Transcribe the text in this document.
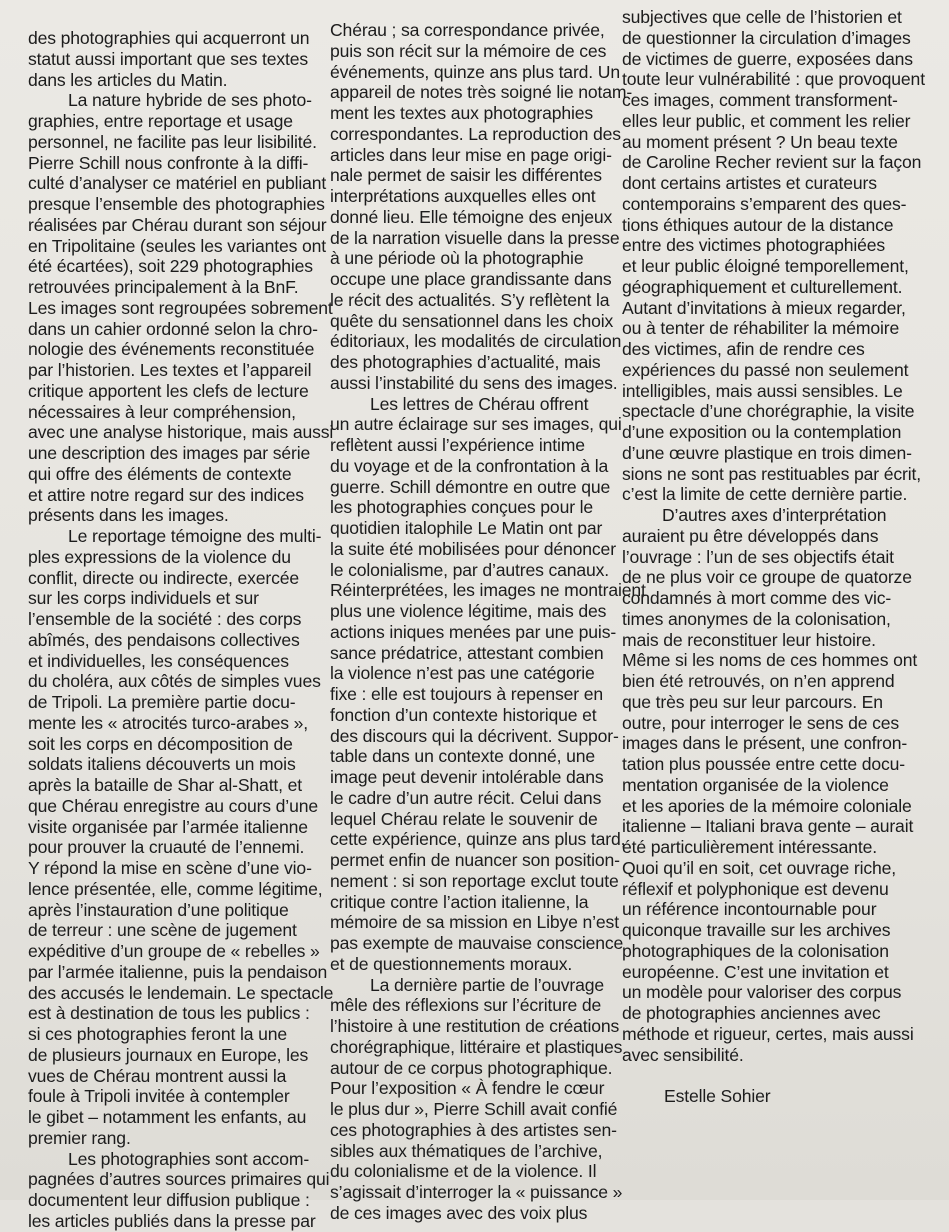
des photographies qui acquerront un
statut aussi important que ses textes
dans les articles du Matin.
La nature hybride de ses photo-
graphies, entre reportage et usage
personnel, ne facilite pas leur lisibilité.
Pierre Schill nous confronte à la diffi-
culté d’analyser ce matériel en publiant
presque l’ensemble des photographies
réalisées par Chérau durant son séjour
en Tripolitaine (seules les variantes ont
été écartées), soit 229 photographies
retrouvées principalement à la BnF.
Les images sont regroupées sobrement
dans un cahier ordonné selon la chro-
nologie des événements reconstituée
par l’historien. Les textes et l’appareil
critique apportent les clefs de lecture
nécessaires à leur compréhension,
avec une analyse historique, mais aussi
une description des images par série
qui offre des éléments de contexte
et attire notre regard sur des indices
présents dans les images.
Le reportage témoigne des multi-
ples expressions de la violence du
conflit, directe ou indirecte, exercée
sur les corps individuels et sur
l’ensemble de la société : des corps
abîmés, des pendaisons collectives
et individuelles, les conséquences
du choléra, aux côtés de simples vues
de Tripoli. La première partie docu-
mente les « atrocités turco-arabes »,
soit les corps en décomposition de
soldats italiens découverts un mois
après la bataille de Shar al-Shatt, et
que Chérau enregistre au cours d’une
visite organisée par l’armée italienne
pour prouver la cruauté de l’ennemi.
Y répond la mise en scène d’une vio-
lence présentée, elle, comme légitime,
après l’instauration d’une politique
de terreur : une scène de jugement
expéditive d’un groupe de « rebelles »
par l’armée italienne, puis la pendaison
des accusés le lendemain. Le spectacle
est à destination de tous les publics :
si ces photographies feront la une
de plusieurs journaux en Europe, les
vues de Chérau montrent aussi la
foule à Tripoli invitée à contempler
le gibet – notamment les enfants, au
premier rang.
Les photographies sont accom-
pagnées d’autres sources primaires qui
documentent leur diffusion publique :
les articles publiés dans la presse par
Chérau ; sa correspondance privée,
puis son récit sur la mémoire de ces
événements, quinze ans plus tard. Un
appareil de notes très soigné lie notam-
ment les textes aux photographies
correspondantes. La reproduction des
articles dans leur mise en page origi-
nale permet de saisir les différentes
interprétations auxquelles elles ont
donné lieu. Elle témoigne des enjeux
de la narration visuelle dans la presse
à une période où la photographie
occupe une place grandissante dans
le récit des actualités. S’y reflètent la
quête du sensationnel dans les choix
éditoriaux, les modalités de circulation
des photographies d’actualité, mais
aussi l’instabilité du sens des images.
Les lettres de Chérau offrent
un autre éclairage sur ses images, qui
reflètent aussi l’expérience intime
du voyage et de la confrontation à la
guerre. Schill démontre en outre que
les photographies conçues pour le
quotidien italophile Le Matin ont par
la suite été mobilisées pour dénoncer
le colonialisme, par d’autres canaux.
Réinterprétées, les images ne montraient
plus une violence légitime, mais des
actions iniques menées par une puis-
sance prédatrice, attestant combien
la violence n’est pas une catégorie
fixe : elle est toujours à repenser en
fonction d’un contexte historique et
des discours qui la décrivent. Suppor-
table dans un contexte donné, une
image peut devenir intolérable dans
le cadre d’un autre récit. Celui dans
lequel Chérau relate le souvenir de
cette expérience, quinze ans plus tard,
permet enfin de nuancer son position-
nement : si son reportage exclut toute
critique contre l’action italienne, la
mémoire de sa mission en Libye n’est
pas exempte de mauvaise conscience
et de questionnements moraux.
La dernière partie de l’ouvrage
mêle des réflexions sur l’écriture de
l’histoire à une restitution de créations
chorégraphique, littéraire et plastiques
autour de ce corpus photographique.
Pour l’exposition « À fendre le cœur
le plus dur », Pierre Schill avait confié
ces photographies à des artistes sen-
sibles aux thématiques de l’archive,
du colonialisme et de la violence. Il
s’agissait d’interroger la « puissance »
de ces images avec des voix plus
subjectives que celle de l’historien et
de questionner la circulation d’images
de victimes de guerre, exposées dans
toute leur vulnérabilité : que provoquent
ces images, comment transforment-
elles leur public, et comment les relier
au moment présent ? Un beau texte
de Caroline Recher revient sur la façon
dont certains artistes et curateurs
contemporains s’emparent des ques-
tions éthiques autour de la distance
entre des victimes photographiées
et leur public éloigné temporellement,
géographiquement et culturellement.
Autant d’invitations à mieux regarder,
ou à tenter de réhabiliter la mémoire
des victimes, afin de rendre ces
expériences du passé non seulement
intelligibles, mais aussi sensibles. Le
spectacle d’une chorégraphie, la visite
d’une exposition ou la contemplation
d’une œuvre plastique en trois dimen-
sions ne sont pas restituables par écrit,
c’est la limite de cette dernière partie.
D’autres axes d’interprétation
auraient pu être développés dans
l’ouvrage : l’un de ses objectifs était
de ne plus voir ce groupe de quatorze
condamnés à mort comme des vic-
times anonymes de la colonisation,
mais de reconstituer leur histoire.
Même si les noms de ces hommes ont
bien été retrouvés, on n’en apprend
que très peu sur leur parcours. En
outre, pour interroger le sens de ces
images dans le présent, une confron-
tation plus poussée entre cette docu-
mentation organisée de la violence
et les apories de la mémoire coloniale
italienne – Italiani brava gente – aurait
été particulièrement intéressante.
Quoi qu’il en soit, cet ouvrage riche,
réflexif et polyphonique est devenu
un référence incontournable pour
quiconque travaille sur les archives
photographiques de la colonisation
européenne. C’est une invitation et
un modèle pour valoriser des corpus
de photographies anciennes avec
méthode et rigueur, certes, mais aussi
avec sensibilité.
Estelle Sohier
